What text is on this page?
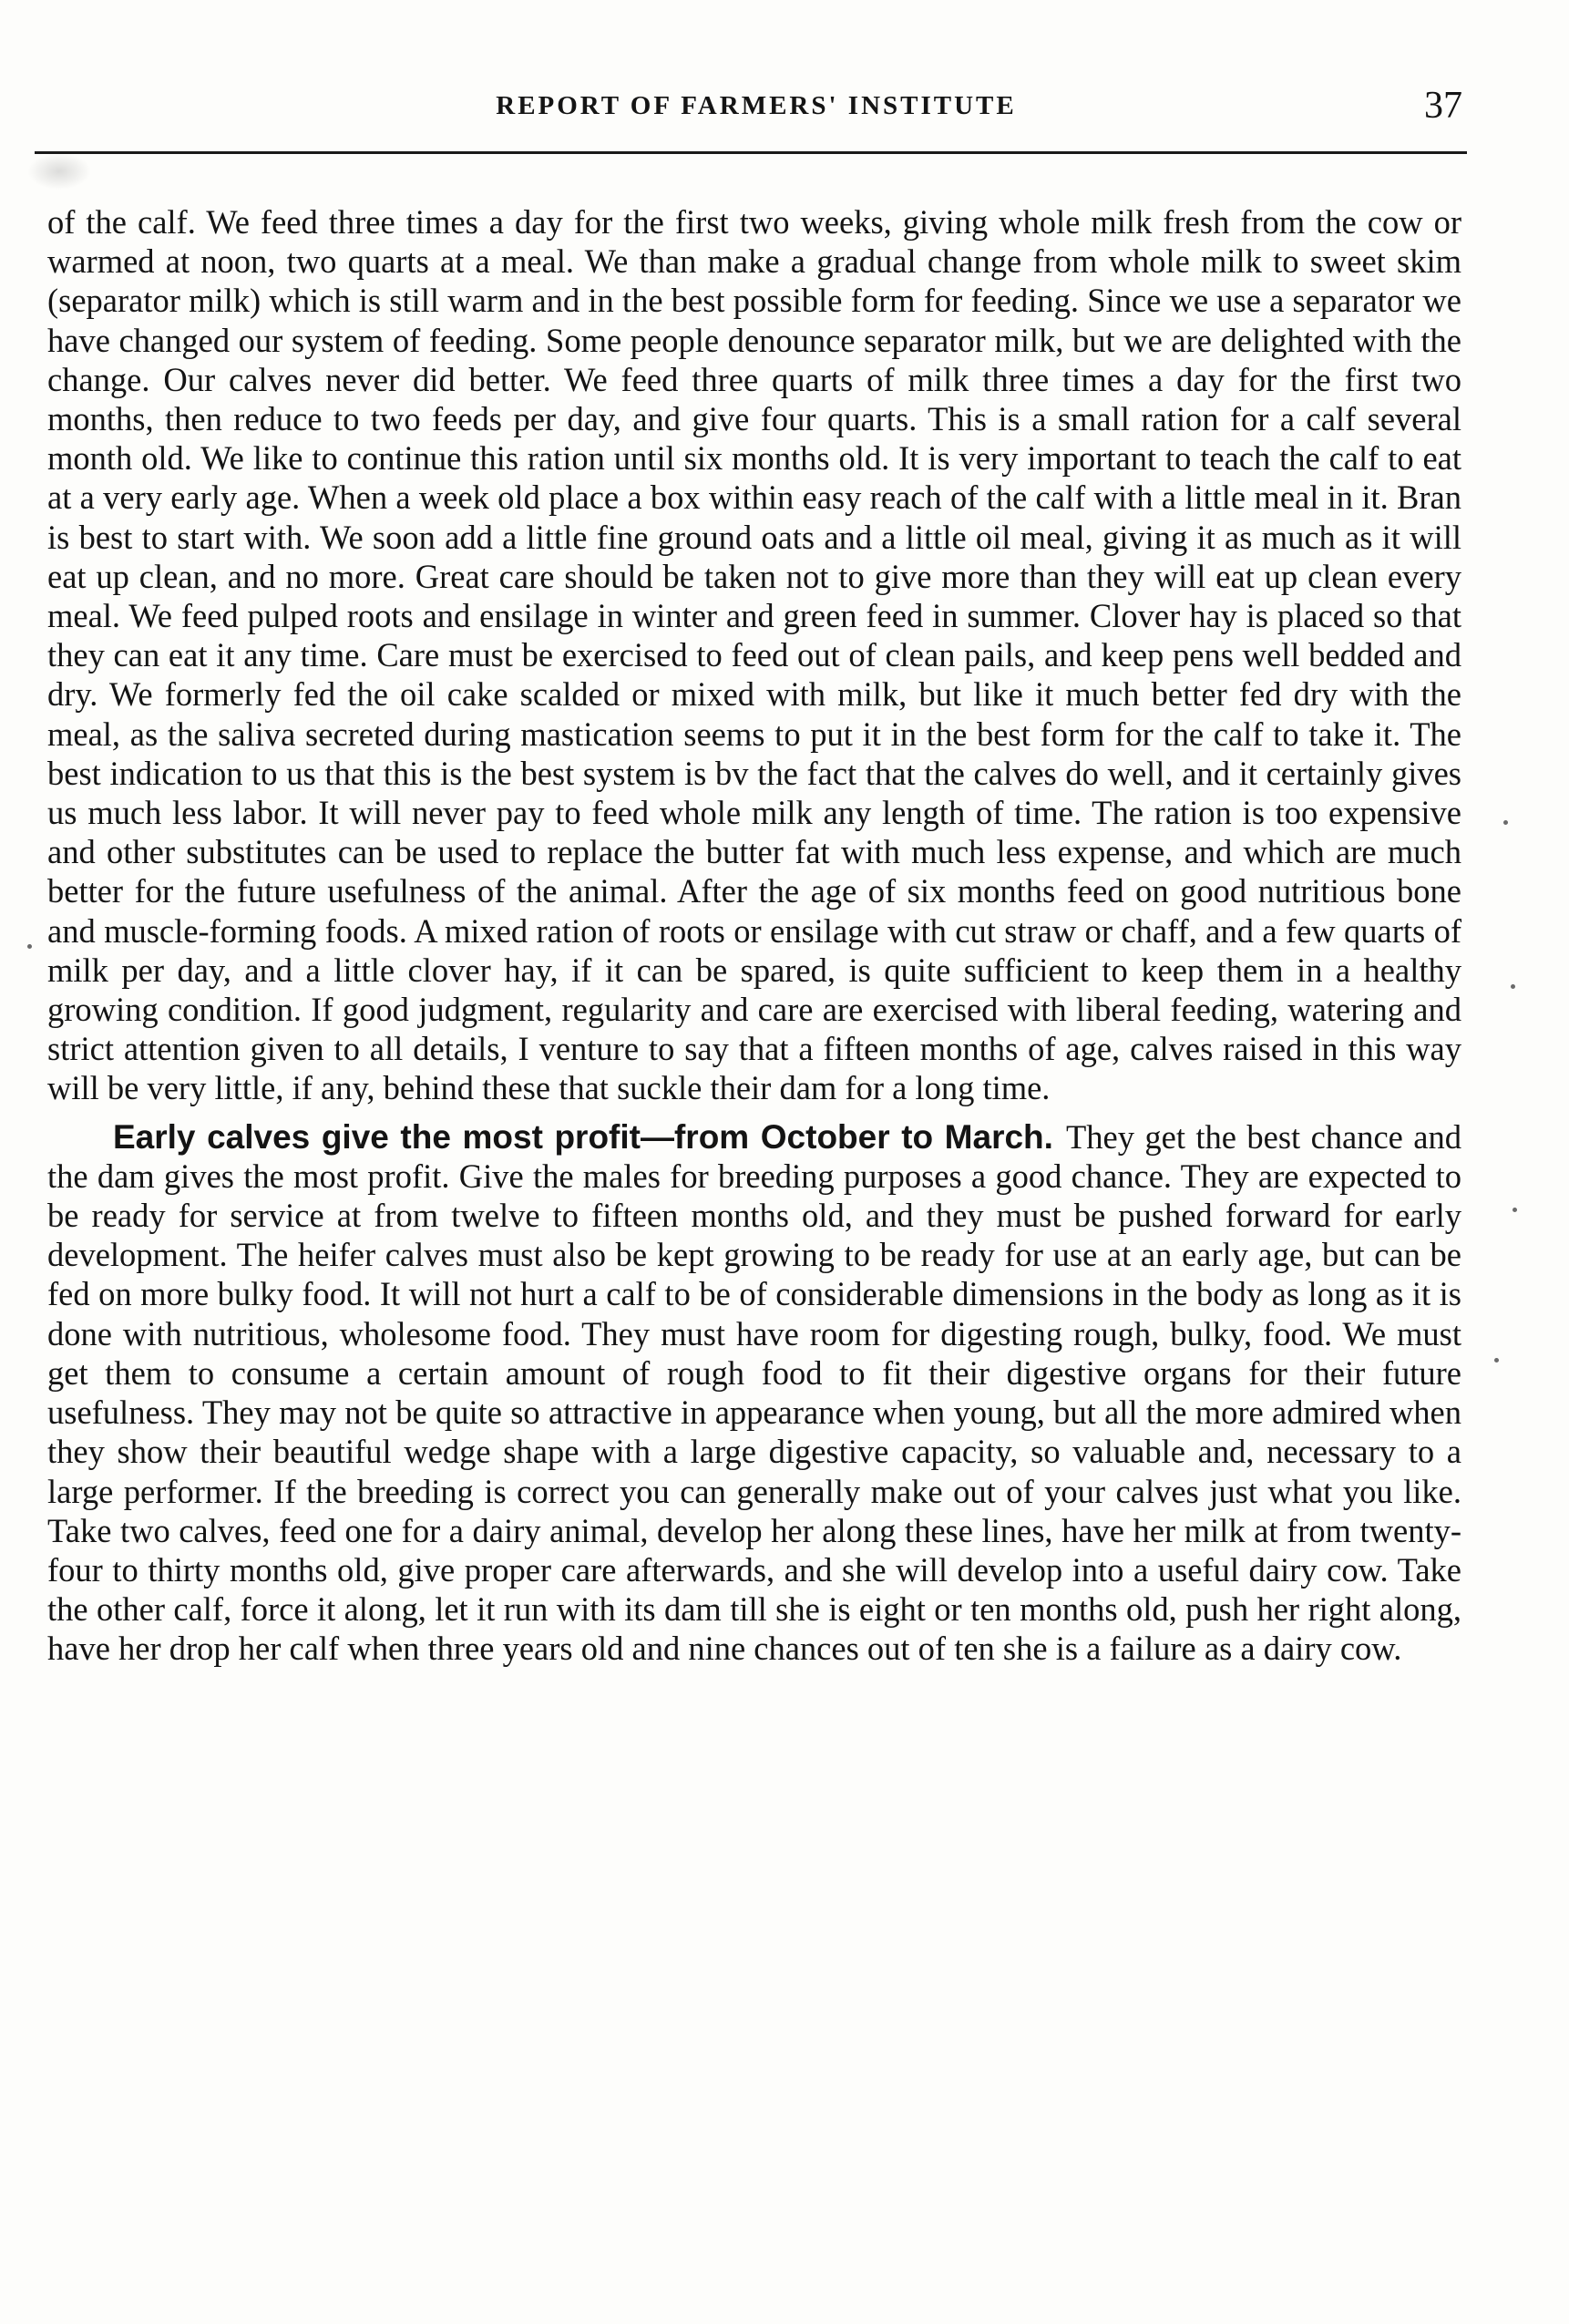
REPORT OF FARMERS' INSTITUTE	37

of the calf. We feed three times a day for the first two weeks, giving whole milk fresh from the cow or warmed at noon, two quarts at a meal. We than make a gradual change from whole milk to sweet skim (separator milk) which is still warm and in the best possible form for feeding. Since we use a separator we have changed our system of feeding. Some people denounce separator milk, but we are delighted with the change. Our calves never did better. We feed three quarts of milk three times a day for the first two months, then reduce to two feeds per day, and give four quarts. This is a small ration for a calf several month old. We like to continue this ration until six months old. It is very important to teach the calf to eat at a very early age. When a week old place a box within easy reach of the calf with a little meal in it. Bran is best to start with. We soon add a little fine ground oats and a little oil meal, giving it as much as it will eat up clean, and no more. Great care should be taken not to give more than they will eat up clean every meal. We feed pulped roots and ensilage in winter and green feed in summer. Clover hay is placed so that they can eat it any time. Care must be exercised to feed out of clean pails, and keep pens well bedded and dry. We formerly fed the oil cake scalded or mixed with milk, but like it much better fed dry with the meal, as the saliva secreted during mastication seems to put it in the best form for the calf to take it. The best indication to us that this is the best system is bv the fact that the calves do well, and it certainly gives us much less labor. It will never pay to feed whole milk any length of time. The ration is too expensive and other substitutes can be used to replace the butter fat with much less expense, and which are much better for the future usefulness of the animal. After the age of six months feed on good nutritious bone and muscle-forming foods. A mixed ration of roots or ensilage with cut straw or chaff, and a few quarts of milk per day, and a little clover hay, if it can be spared, is quite sufficient to keep them in a healthy growing condition. If good judgment, regularity and care are exercised with liberal feeding, watering and strict attention given to all details, I venture to say that a fifteen months of age, calves raised in this way will be very little, if any, behind these that suckle their dam for a long time.

Early calves give the most profit—from October to March. They get the best chance and the dam gives the most profit. Give the males for breeding purposes a good chance. They are expected to be ready for service at from twelve to fifteen months old, and they must be pushed forward for early development. The heifer calves must also be kept growing to be ready for use at an early age, but can be fed on more bulky food. It will not hurt a calf to be of considerable dimensions in the body as long as it is done with nutritious, wholesome food. They must have room for digesting rough, bulky, food. We must get them to consume a certain amount of rough food to fit their digestive organs for their future usefulness. They may not be quite so attractive in appearance when young, but all the more admired when they show their beautiful wedge shape with a large digestive capacity, so valuable and, necessary to a large performer. If the breeding is correct you can generally make out of your calves just what you like. Take two calves, feed one for a dairy animal, develop her along these lines, have her milk at from twenty-four to thirty months old, give proper care afterwards, and she will develop into a useful dairy cow. Take the other calf, force it along, let it run with its dam till she is eight or ten months old, push her right along, have her drop her calf when three years old and nine chances out of ten she is a failure as a dairy cow.
